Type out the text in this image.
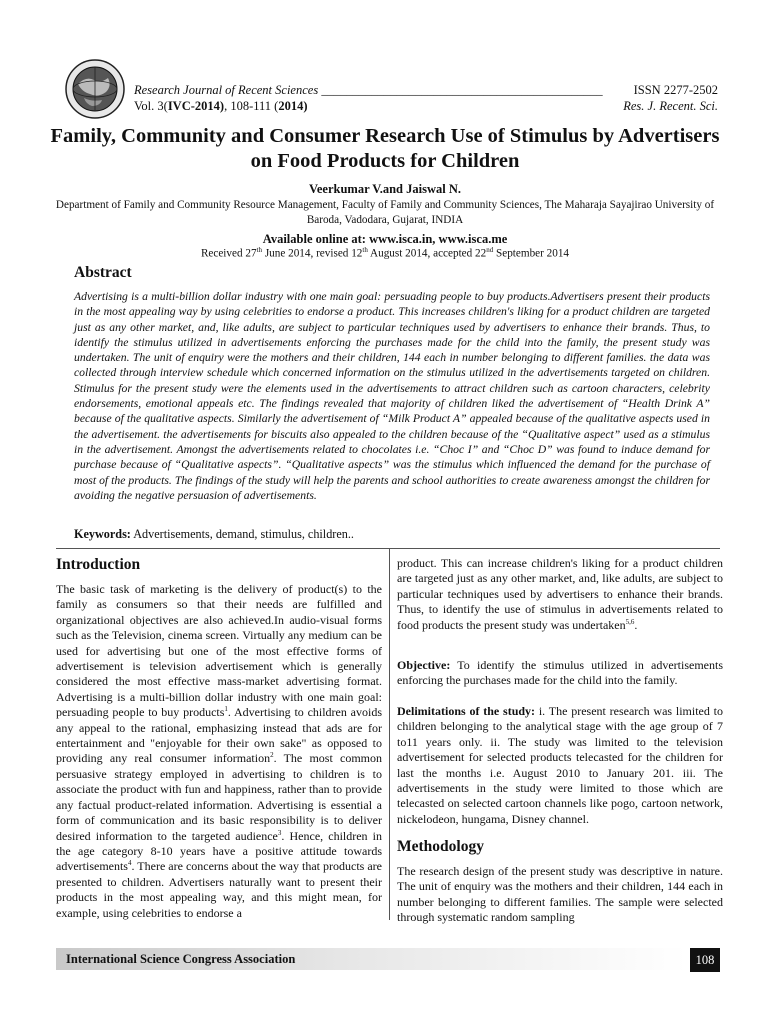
Research Journal of Recent Sciences _____________________________________________
Vol. 3(IVC-2014), 108-111 (2014)
ISSN 2277-2502
Res. J. Recent. Sci.
Family, Community and Consumer Research Use of Stimulus by Advertisers on Food Products for Children
Veerkumar V.and Jaiswal N.
Department of Family and Community Resource Management, Faculty of Family and Community Sciences, The Maharaja Sayajirao University of Baroda, Vadodara, Gujarat, INDIA
Available online at: www.isca.in, www.isca.me
Received 27th June 2014, revised 12th August 2014, accepted 22nd September 2014
Abstract
Advertising is a multi-billion dollar industry with one main goal: persuading people to buy products.Advertisers present their products in the most appealing way by using celebrities to endorse a product. This increases children's liking for a product children are targeted just as any other market, and, like adults, are subject to particular techniques used by advertisers to enhance their brands. Thus, to identify the stimulus utilized in advertisements enforcing the purchases made for the child into the family, the present study was undertaken. The unit of enquiry were the mothers and their children, 144 each in number belonging to different families. the data was collected through interview schedule which concerned information on the stimulus utilized in the advertisements targeted on children. Stimulus for the present study were the elements used in the advertisements to attract children such as cartoon characters, celebrity endorsements, emotional appeals etc. The findings revealed that majority of children liked the advertisement of “Health Drink A” because of the qualitative aspects. Similarly the advertisement of “Milk Product A” appealed because of the qualitative aspects used in the advertisement. the advertisements for biscuits also appealed to the children because of the “Qualitative aspect” used as a stimulus in the advertisement. Amongst the advertisements related to chocolates i.e. “Choc I” and “Choc D” was found to induce demand for purchase because of “Qualitative aspects”. “Qualitative aspects” was the stimulus which influenced the demand for the purchase of most of the products. The findings of the study will help the parents and school authorities to create awareness amongst the children for avoiding the negative persuasion of advertisements.
Keywords: Advertisements, demand, stimulus, children..
Introduction
The basic task of marketing is the delivery of product(s) to the family as consumers so that their needs are fulfilled and organizational objectives are also achieved.In audio-visual forms such as the Television, cinema screen. Virtually any medium can be used for advertising but one of the most effective forms of advertisement is television advertisement which is generally considered the most effective mass-market advertising format. Advertising is a multi-billion dollar industry with one main goal: persuading people to buy products$^1$. Advertising to children avoids any appeal to the rational, emphasizing instead that ads are for entertainment and "enjoyable for their own sake" as opposed to providing any real consumer information$^2$. The most common persuasive strategy employed in advertising to children is to associate the product with fun and happiness, rather than to provide any factual product-related information. Advertising is essential a form of communication and its basic responsibility is to deliver desired information to the targeted audience$^3$. Hence, children in the age category 8-10 years have a positive attitude towards advertisements$^4$. There are concerns about the way that products are presented to children. Advertisers naturally want to present their products in the most appealing way, and this might mean, for example, using celebrities to endorse a
product. This can increase children's liking for a product children are targeted just as any other market, and, like adults, are subject to particular techniques used by advertisers to enhance their brands. Thus, to identify the use of stimulus in advertisements related to food products the present study was undertaken$^{5,6}$.
Objective: To identify the stimulus utilized in advertisements enforcing the purchases made for the child into the family.
Delimitations of the study: i. The present research was limited to children belonging to the analytical stage with the age group of 7 to11 years only. ii. The study was limited to the television advertisement for selected products telecasted for the children for last the months i.e. August 2010 to January 201. iii. The advertisements in the study were limited to those which are telecasted on selected cartoon channels like pogo, cartoon network, nickelodeon, hungama, Disney channel.
Methodology
The research design of the present study was descriptive in nature. The unit of enquiry was the mothers and their children, 144 each in number belonging to different families. The sample were selected through systematic random sampling
International Science Congress Association	108
